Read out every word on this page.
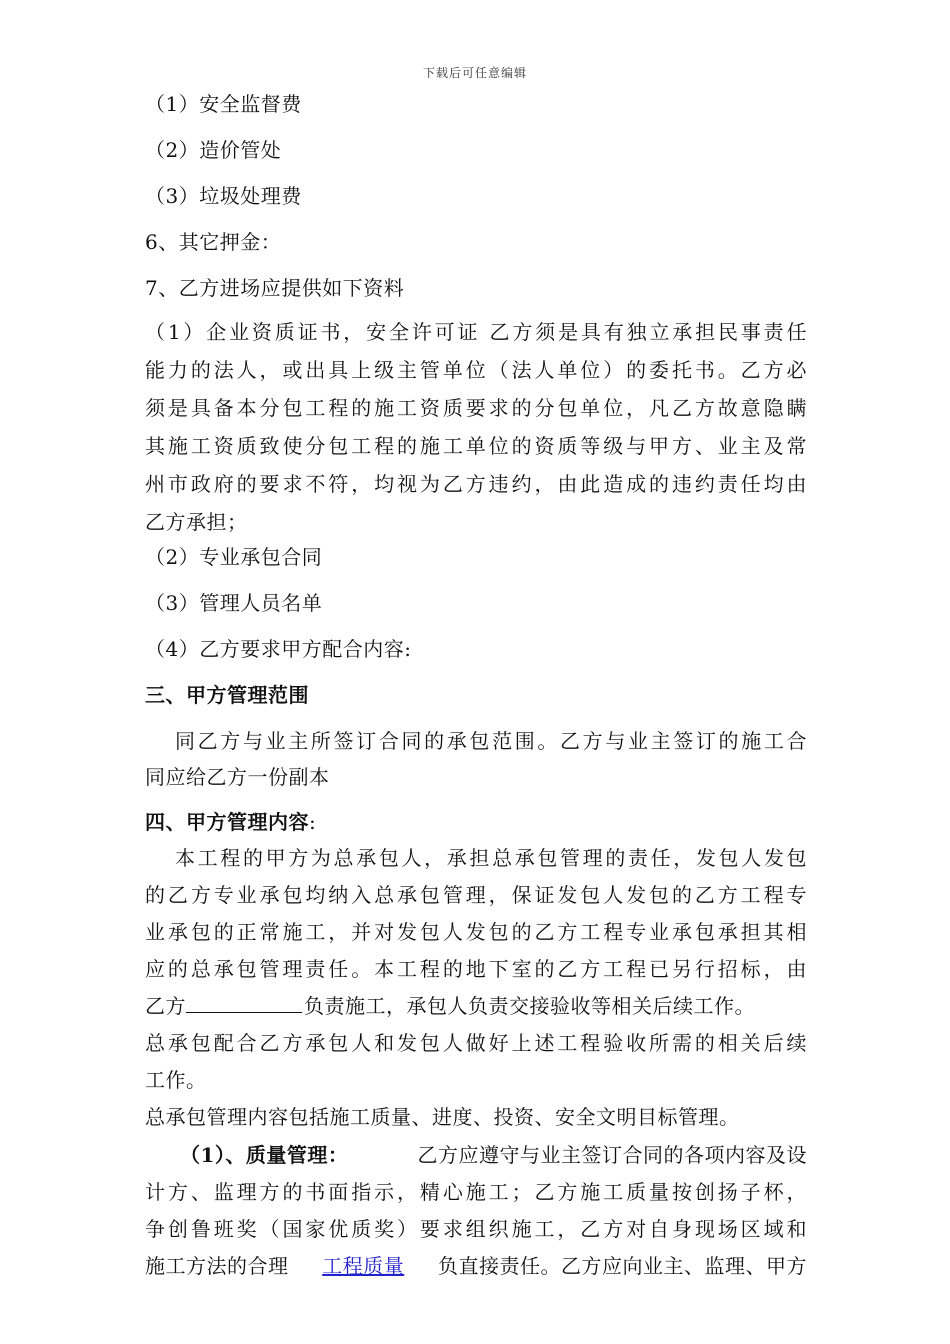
下载后可任意编辑
（1）安全监督费
（2）造价管处
（3）垃圾处理费
6、其它押金：
7、乙方进场应提供如下资料
（1）企业资质证书，安全许可证 乙方须是具有独立承担民事责任
能力的法人，或出具上级主管单位（法人单位）的委托书。乙方必
须是具备本分包工程的施工资质要求的分包单位，凡乙方故意隐瞒
其施工资质致使分包工程的施工单位的资质等级与甲方、业主及常
州市政府的要求不符，均视为乙方违约，由此造成的违约责任均由
乙方承担；
（2）专业承包合同
（3）管理人员名单
（4）乙方要求甲方配合内容:
三、甲方管理范围
同乙方与业主所签订合同的承包范围。乙方与业主签订的施工合
同应给乙方一份副本
四、甲方管理内容:
本工程的甲方为总承包人，承担总承包管理的责任，发包人发包
的乙方专业承包均纳入总承包管理，保证发包人发包的乙方工程专
业承包的正常施工，并对发包人发包的乙方工程专业承包承担其相
应的总承包管理责任。本工程的地下室的乙方工程已另行招标，由
乙方	负责施工，承包人负责交接验收等相关后续工作。
总承包配合乙方承包人和发包人做好上述工程验收所需的相关后续
工作。
总承包管理内容包括施工质量、进度、投资、安全文明目标管理。
（1）、质量管理：	乙方应遵守与业主签订合同的各项内容及设
计方、监理方的书面指示，精心施工；乙方施工质量按创扬子杯，
争创鲁班奖（国家优质奖）要求组织施工，乙方对自身现场区域和
施工方法的合理 工程质量 负直接责任。乙方应向业主、监理、甲方
